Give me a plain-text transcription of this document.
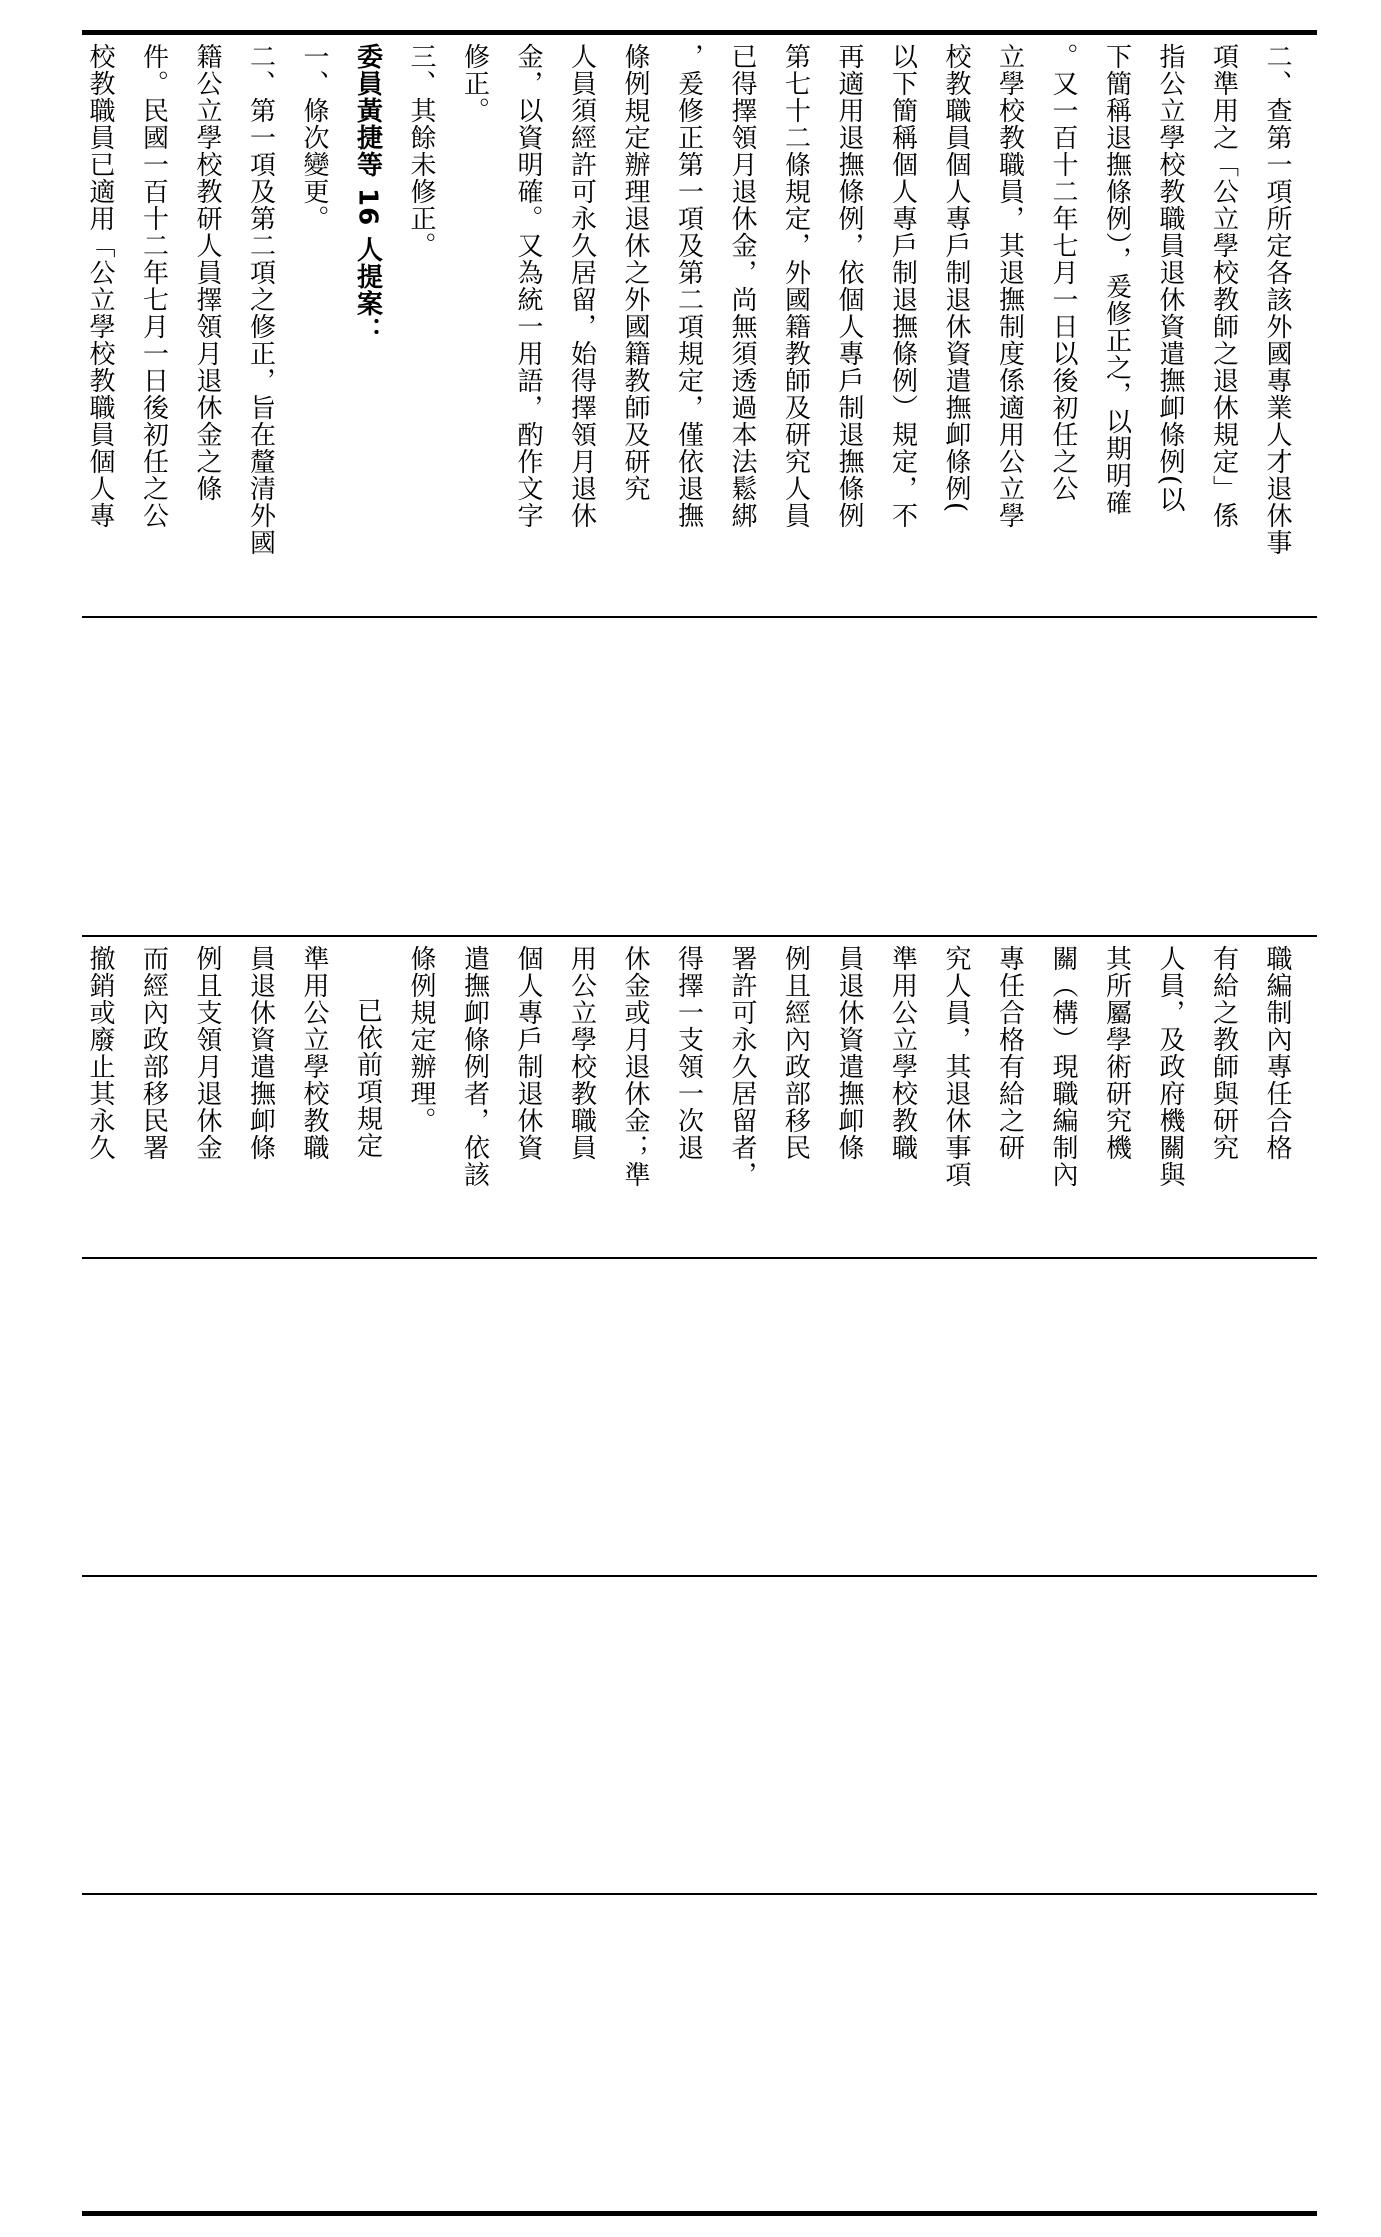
二、查第一項所定各該外國專業人才退休事
項準用之「公立學校教師之退休規定」係
指公立學校教職員退休資遣撫卹條例(以
下簡稱退撫條例），爰修正之，以期明確
。又一百十二年七月一日以後初任之公
立學校教職員，其退撫制度係適用公立學
校教職員個人專戶制退休資遣撫卹條例(
以下簡稱個人專戶制退撫條例）規定，不
再適用退撫條例，依個人專戶制退撫條例
第七十二條規定，外國籍教師及研究人員
已得擇領月退休金，尚無須透過本法鬆綁
，爰修正第一項及第二項規定，僅依退撫
條例規定辦理退休之外國籍教師及研究
人員須經許可永久居留，始得擇領月退休
金，以資明確。又為統一用語，酌作文字
修正。
三、其餘未修正。
委員黃捷等 16 人提案：
一、條次變更。
二、第一項及第二項之修正，旨在釐清外國
籍公立學校教研人員擇領月退休金之條
件。民國一百十二年七月一日後初任之公
校教職員已適用「公立學校教職員個人專
職編制內專任合格
有給之教師與研究
人員，及政府機關與
其所屬學術研究機
關（構）現職編制內
專任合格有給之研
究人員，其退休事項
準用公立學校教職
員退休資遣撫卹條
例且經內政部移民
署許可永久居留者，
得擇一支領一次退
休金或月退休金；準
用公立學校教職員
個人專戶制退休資
遣撫卹條例者，依該
條例規定辦理。
已依前項規定
準用公立學校教職
員退休資遣撫卹條
例且支領月退休金
而經內政部移民署
撤銷或廢止其永久
